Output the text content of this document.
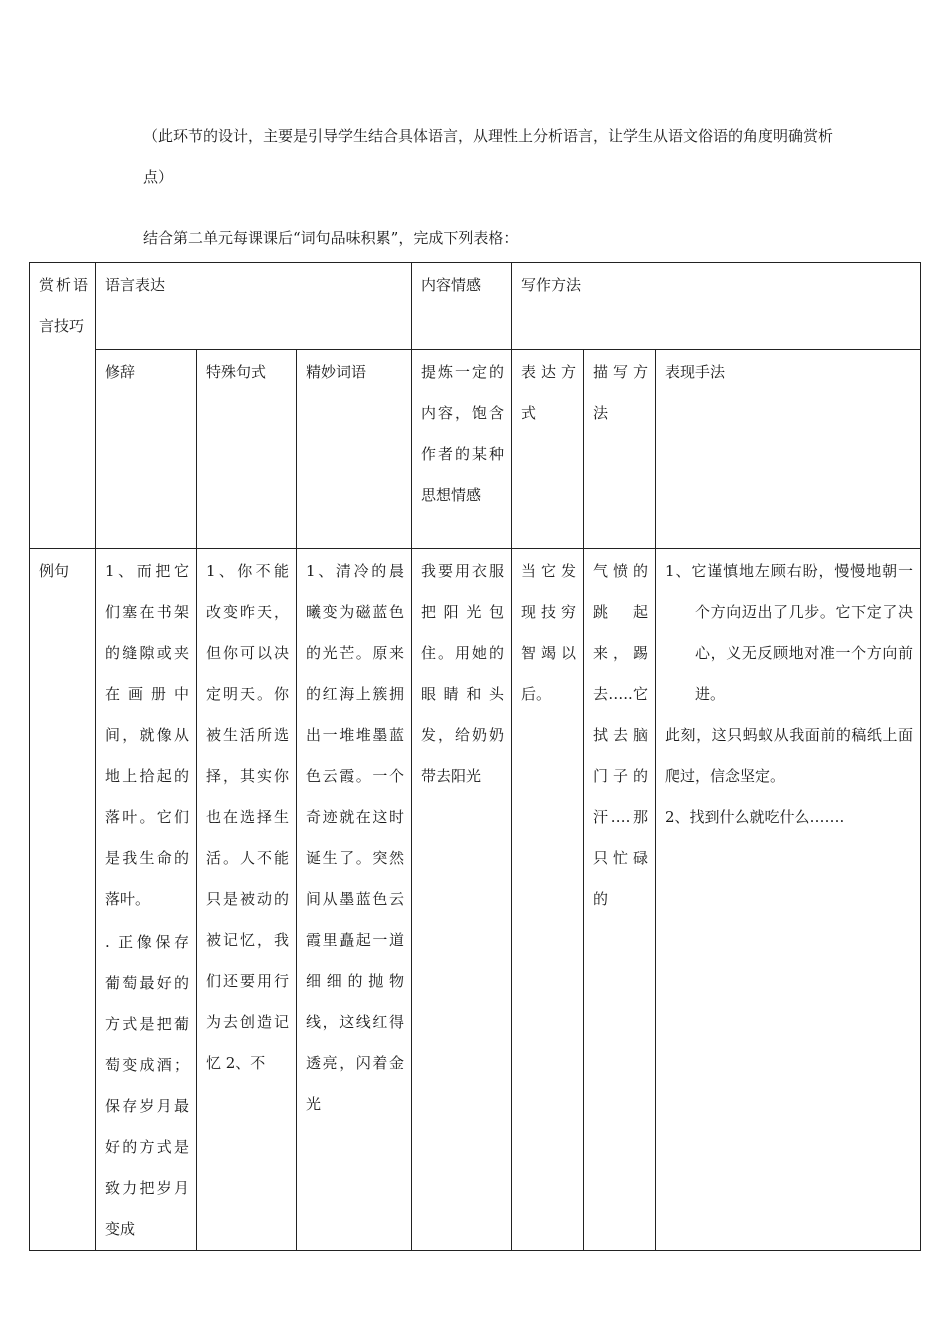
（此环节的设计，主要是引导学生结合具体语言，从理性上分析语言，让学生从语文俗语的角度明确赏析点）

结合第二单元每课课后“词句品味积累”，完成下列表格：

赏析语言技巧	语言表达			内容情感	写作方法		
	修辞	特殊句式	精妙词语	提炼一定的内容，饱含作者的某种思想情感	表达方式	描写方法	表现手法
例句	1、而把它们塞在书架的缝隙或夹在画册中间，就像从地上拾起的落叶。它们是我生命的落叶。
. 正像保存葡萄最好的方式是把葡萄变成酒；保存岁月最好的方式是致力把岁月变成	1、你不能改变昨天，但你可以决定明天。你被生活所选择，其实你也在选择生活。人不能只是被动的被记忆，我们还要用行为去创造记忆 2、不	1、清冷的晨曦变为磁蓝色的光芒。原来的红海上簇拥出一堆堆墨蓝色云霞。一个奇迹就在这时诞生了。突然间从墨蓝色云霞里矗起一道细细的抛物线，这线红得透亮，闪着金光	我要用衣服把阳光包住。用她的眼睛和头发，给奶奶带去阳光	当它发现技穷智竭以后。	气愤的跳起来，踢去…..它拭去脑门子的汗….那只忙碌的	1、它谨慎地左顾右盼，慢慢地朝一个方向迈出了几步。它下定了决心，义无反顾地对准一个方向前进。
此刻，这只蚂蚁从我面前的稿纸上面爬过，信念坚定。
2、找到什么就吃什么…….
